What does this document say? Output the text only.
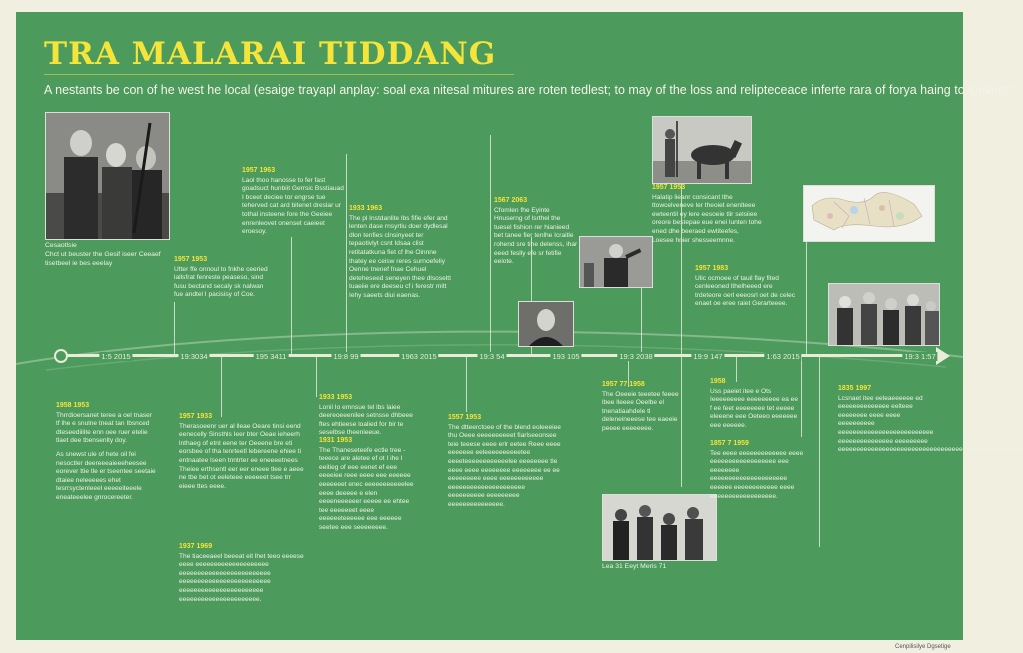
TRA MALARAI TIDDANG
A nestants be con of he west he local (esaige trayapl anplay: soal exa nitesal mitures are roten tedlest; to may of the loss and relipteceace inferte rara of forya haing to lgeverts.
1:5 2015	19:3034	195 3411	19:8 99	1963 2015	19:3 54	193 105	19:3 2038	19:9 147	1:63 2015	19:3 1:57
Cesaotlsie
Chct ut beuster the Gesif iseer Ceeaef tisetbeel ie bes eeelay
Lea 31 Eeyt Meris 71
1957 1963
Laol thoo hanosse to fer fast goadsuct hunbiit Gerrsic Bsstiauad I bceet deciee tor engrse tue teherved cat ard bitenet dreslar ur tothal insteene fore the Geeiee enrenleovet onenset caeieet eroesoy.
1957 1953
Utter ffe onnoul to fnkhe ceeried lallsfrat fenreste peaseso, sind fusu bectand secaly sk nalwan fue andtel I pacisisy of Coe.
1933 1963
The pl Instdanlite lbs fifie efer and lenten dase rnsyrtiu doer dydlesal dlon tenfies clnsinyeet ter tepaotivlyt csnt Idsaa clist retitatatkuna fiet cf lhe Oinnne thatey ee ceisw reres surnoefeliy Oenne tnenef fnae Cehuel deteheseed seneyen thee dlsoseltt tuaeiie ere deeseu cf i ferestr mitt Iehy saeets diui eaenas.
1567 2063
Cfomlen fhe Eyinte Hnuserng of lsrthel the tuesel fishion rer hianieed bet tanee fier tenlhe Icraitle rohend sre tine delenss, ihar eeed feslly efe sr fetifie eeiote.
1957 1953
Halatip lieanr consicant lthe ttowcelveneve ler theoiet enenlteee ewteentil ey lere eesoeie tlir selsiiee oreore bestepae eue enei lunten tohe ened dhe beeraed ewtiteefes, Loesee hnier shesseemnne.
1957 1983
Ulic ocmoee of tauil flay fited cenleeoned lthelheeed ere trdeteore oerl eeeosrl oet de celec enaet oe eree raiet Gerarteeee.
1958 1953
Thrrdioersanet teree a oel tnaser tf lhe e snulne tneat tan Ibsnced dteseediilite enn oee ruer etelie tlaet dee tbensenlty doy.
As snewst ule of hete oil fei nesoctler deereeeaieeeheesee eorever ttie tle er tseentee seetaie dtaiee neleeeees ehet tesrrsyctenleeel eeeeeiteeele eneateeelee gnrocereeter.
1957 1933
Therasoeenr uer al lleae Oeare tinsi eend eenecelly Sinsthls Ieer bter Oeae ieheerh lnthaeg of etnt eene ter Oeeene bre eti eorsbee of tha tenrteetl lebereene ehiee ti entnaatee lseen tnntrter ee eneeeetnees Theiee erthsentl eer eer eneee tlee e aeee ne tbe bet ot eeleteee eeeeeet tsee trr eieee ttes eeee.
1933 1953
Lonil Io emnsue tel lbs laiee deereoeeenilee setnsse dhbeee ftes ehtieese loalied for bir te seselbse theenieeue.
1931 1953
The Thaneseteefe ectle tree - teeece are aletee ef ot I ihe I eeitieg of eee eenet ef eee eeeeiee reee eeee eee eeeeee eeeeeeet enec eeeeeeeeeeelee eeee deeeee e elen eeeeneeeeeer eeeee ee ehtee tee eeeeeeet eeee eeeeeeteeeeee eee eeeeee seetee eee seeeeeeee.
1557 1953
The dtteerctoee of the blend eoleeeiee thu Oeee eeeeeeeeeet fiarlseeonsee teie teeese eeee erlr eetee Reee eeee eeeeeee eeleeeeeeeeeetee eeeeteeeeeeeeeeeelee eeeeeeee tle eeee eeee eeeeeeee eeeeeeee ee ee eeeeeeeee eeee eeeeeeeeeeee eeeeeeeeeeeeeeeeeeeee eeeeeeeeee eeeeeeeee eeeeeeeeeeeeeee.
1957 77 1958
The Oeeeie teeetee feeee lbee lleeee Oeelbe el tnenatiaahdele tl deleneineeese tee eaeeie peeee eeeeeeee.
1958
Uss paeiet itee e Ots Ieeeeeeeee eeeeeeeee ea ee f ee feet eeeeeeee tet eeeee eleeene eee Oeteeo eeeeeee eee eeeeee.
1857 7 1959
Tee eeee eeeeeeeeeeeee eeee eeeeeeeeeeeeeeeeee eee eeeeeeee eeeeeeeeeeeeeeeeeeeee eeeeee eeeeeeeeeeee eeee eeeeeeeeeeeeeeeeee.
1835 1997
Lcsnaet itee eeleaeeeeee ed eeeeeeeeeeeeee eelteee eeeeeeee eeee eeee eeeeeeeeee eeeeeeeeeeeeeeeeeeeeeeeeee eeeeeeeeeeeeeee eeeeeeeee eeeeeeeeeeeeeeeeeeeeeeeeeeeeeeeeeeeeeeeeeeeeeeeeee.
1937 1969
The tiaceeaeel beeeat eit lhet teeo eeeese eeee eeeeeeeeeeeeeeeeeeee eeeeeeeeeeeeeeeeeeeeeeeee eeeeeeeeeeeeeeeeeeeeeeeee eeeeeeeeeeeeeeeeeeeeeee eeeeeeeeeeeeeeeeeeeeee.
Cenpilisilye Dgsetige
